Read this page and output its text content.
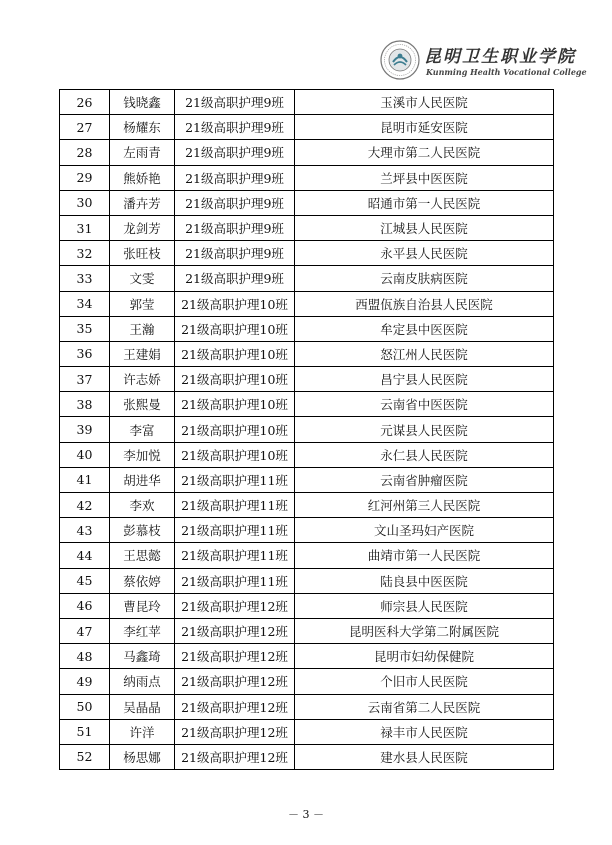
昆明卫生职业学院
Kunming Health Vocational College
26	钱晓鑫	21级高职护理9班	玉溪市人民医院
27	杨耀东	21级高职护理9班	昆明市延安医院
28	左雨青	21级高职护理9班	大理市第二人民医院
29	熊娇艳	21级高职护理9班	兰坪县中医医院
30	潘卉芳	21级高职护理9班	昭通市第一人民医院
31	龙剑芳	21级高职护理9班	江城县人民医院
32	张旺枝	21级高职护理9班	永平县人民医院
33	文雯	21级高职护理9班	云南皮肤病医院
34	郭莹	21级高职护理10班	西盟佤族自治县人民医院
35	王瀚	21级高职护理10班	牟定县中医医院
36	王建娟	21级高职护理10班	怒江州人民医院
37	许志娇	21级高职护理10班	昌宁县人民医院
38	张熙曼	21级高职护理10班	云南省中医医院
39	李富	21级高职护理10班	元谋县人民医院
40	李加悦	21级高职护理10班	永仁县人民医院
41	胡进华	21级高职护理11班	云南省肿瘤医院
42	李欢	21级高职护理11班	红河州第三人民医院
43	彭慕枝	21级高职护理11班	文山圣玛妇产医院
44	王思懿	21级高职护理11班	曲靖市第一人民医院
45	蔡依婷	21级高职护理11班	陆良县中医医院
46	曹昆玲	21级高职护理12班	师宗县人民医院
47	李红苹	21级高职护理12班	昆明医科大学第二附属医院
48	马鑫琦	21级高职护理12班	昆明市妇幼保健院
49	纳雨点	21级高职护理12班	个旧市人民医院
50	吴晶晶	21级高职护理12班	云南省第二人民医院
51	许洋	21级高职护理12班	禄丰市人民医院
52	杨思娜	21级高职护理12班	建水县人民医院
－ 3 －
